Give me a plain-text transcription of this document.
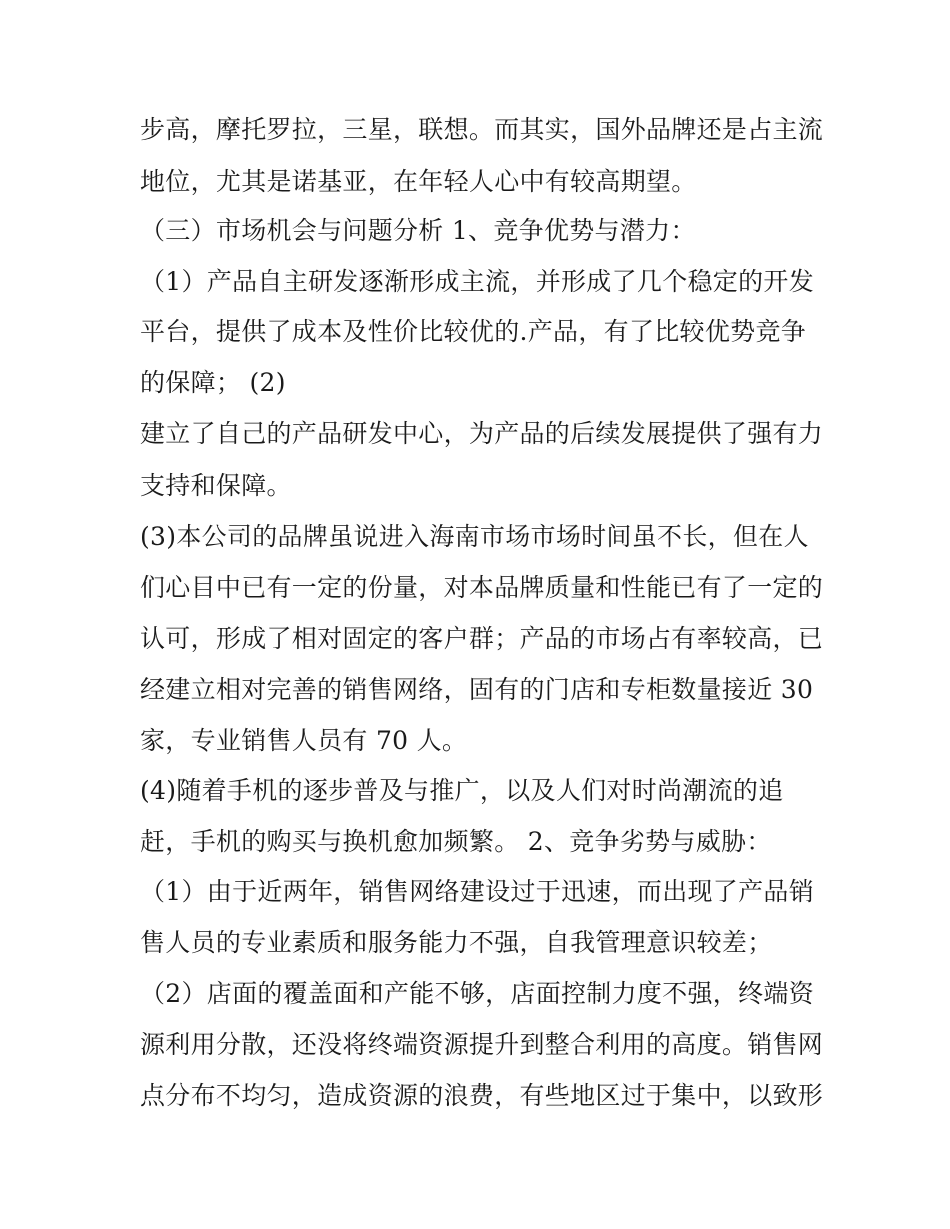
步高，摩托罗拉，三星，联想。而其实，国外品牌还是占主流

地位，尤其是诺基亚，在年轻人心中有较高期望。

（三）市场机会与问题分析 1、竞争优势与潜力：

（1）产品自主研发逐渐形成主流，并形成了几个稳定的开发

平台，提供了成本及性价比较优的.产品，有了比较优势竞争

的保障； (2)

建立了自己的产品研发中心，为产品的后续发展提供了强有力

支持和保障。

(3)本公司的品牌虽说进入海南市场市场时间虽不长，但在人

们心目中已有一定的份量，对本品牌质量和性能已有了一定的

认可，形成了相对固定的客户群；产品的市场占有率较高，已

经建立相对完善的销售网络，固有的门店和专柜数量接近 30

家，专业销售人员有 70 人。

(4)随着手机的逐步普及与推广，以及人们对时尚潮流的追

赶，手机的购买与换机愈加频繁。 2、竞争劣势与威胁：

（1）由于近两年，销售网络建设过于迅速，而出现了产品销

售人员的专业素质和服务能力不强，自我管理意识较差；

（2）店面的覆盖面和产能不够，店面控制力度不强，终端资

源利用分散，还没将终端资源提升到整合利用的高度。销售网

点分布不均匀，造成资源的浪费，有些地区过于集中，以致形
